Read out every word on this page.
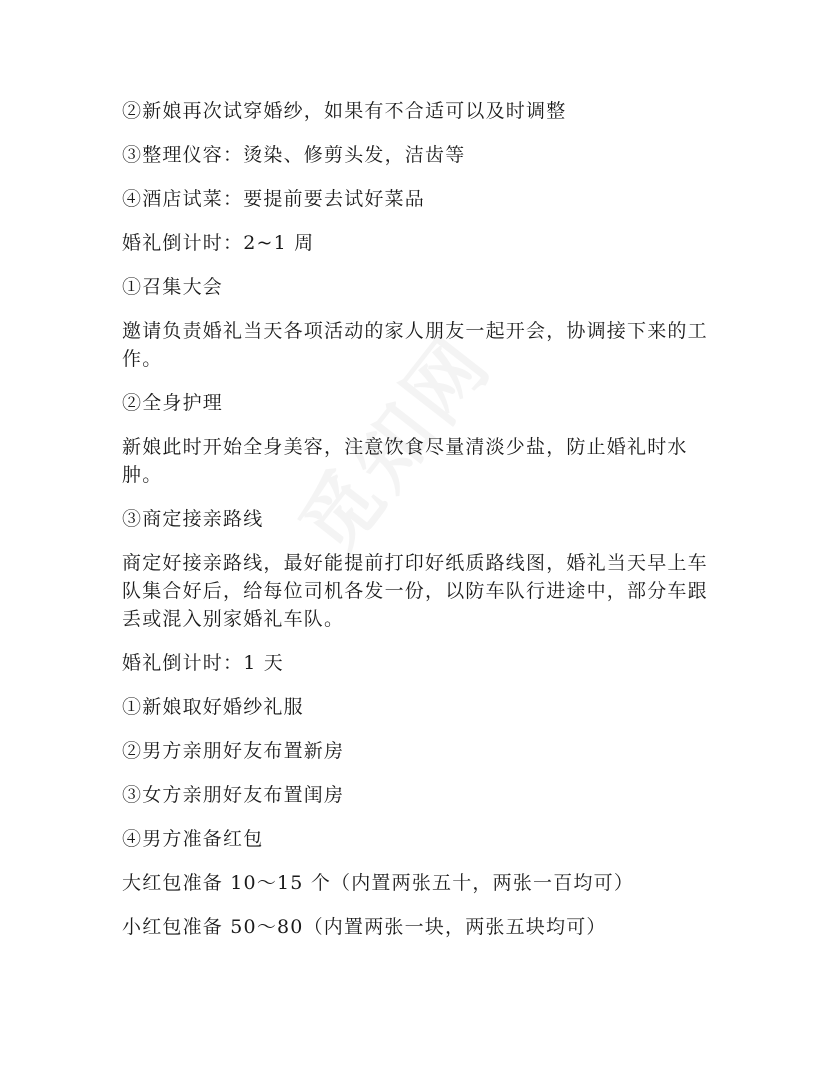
②新娘再次试穿婚纱，如果有不合适可以及时调整

③整理仪容：烫染、修剪头发，洁齿等

④酒店试菜：要提前要去试好菜品

婚礼倒计时：2~1 周

①召集大会

邀请负责婚礼当天各项活动的家人朋友一起开会，协调接下来的工作。

②全身护理

新娘此时开始全身美容，注意饮食尽量清淡少盐，防止婚礼时水肿。

③商定接亲路线

商定好接亲路线，最好能提前打印好纸质路线图，婚礼当天早上车队集合好后，给每位司机各发一份，以防车队行进途中，部分车跟丢或混入别家婚礼车队。

婚礼倒计时：1 天

①新娘取好婚纱礼服

②男方亲朋好友布置新房

③女方亲朋好友布置闺房

④男方准备红包

大红包准备 10～15 个（内置两张五十，两张一百均可）

小红包准备 50～80（内置两张一块，两张五块均可）
